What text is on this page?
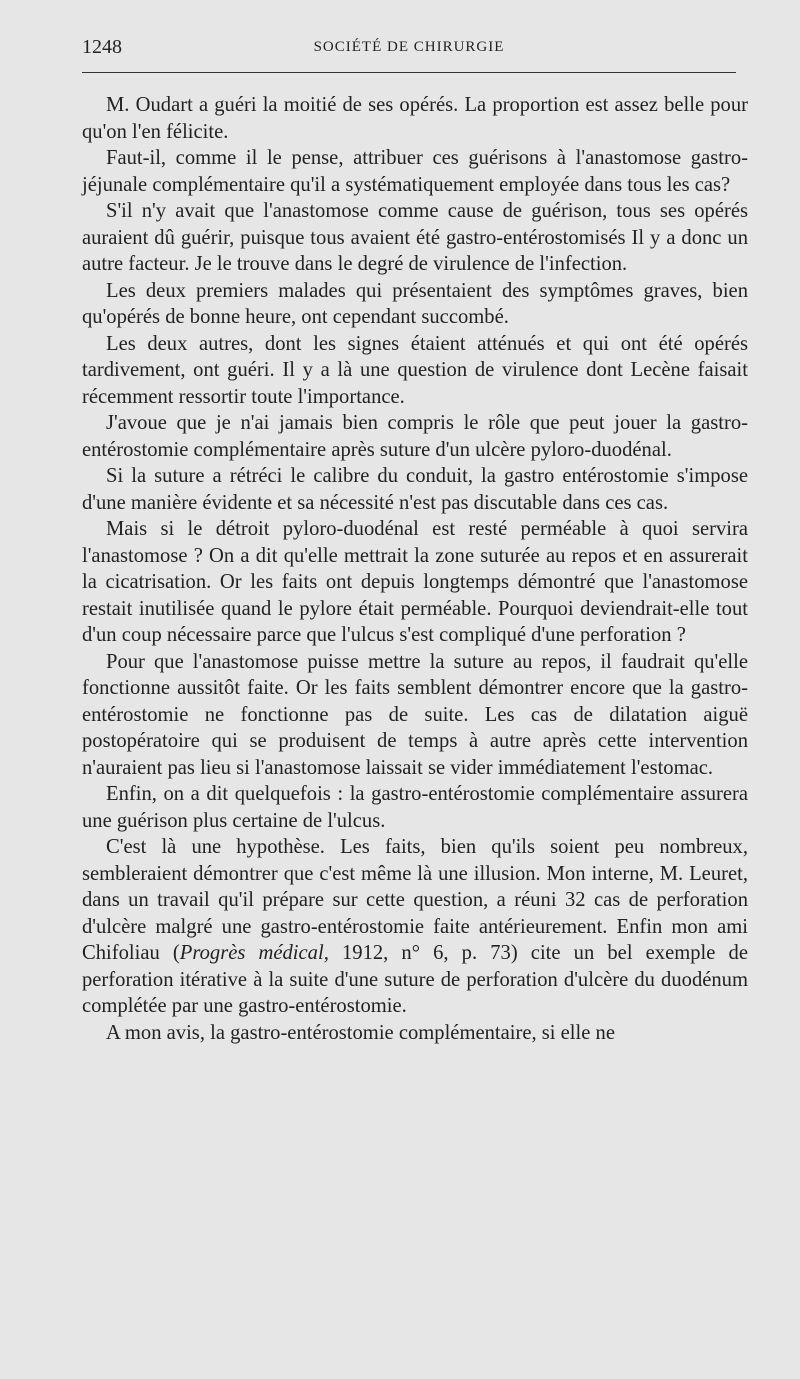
1248	SOCIÉTÉ DE CHIRURGIE

M. Oudart a guéri la moitié de ses opérés. La proportion est assez belle pour qu'on l'en félicite.

Faut-il, comme il le pense, attribuer ces guérisons à l'anastomose gastro-jéjunale complémentaire qu'il a systématiquement employée dans tous les cas?

S'il n'y avait que l'anastomose comme cause de guérison, tous ses opérés auraient dû guérir, puisque tous avaient été gastro-entérostomisés Il y a donc un autre facteur. Je le trouve dans le degré de virulence de l'infection.

Les deux premiers malades qui présentaient des symptômes graves, bien qu'opérés de bonne heure, ont cependant succombé.

Les deux autres, dont les signes étaient atténués et qui ont été opérés tardivement, ont guéri. Il y a là une question de virulence dont Lecène faisait récemment ressortir toute l'importance.

J'avoue que je n'ai jamais bien compris le rôle que peut jouer la gastro-entérostomie complémentaire après suture d'un ulcère pyloro-duodénal.

Si la suture a rétréci le calibre du conduit, la gastro entérostomie s'impose d'une manière évidente et sa nécessité n'est pas discutable dans ces cas.

Mais si le détroit pyloro-duodénal est resté perméable à quoi servira l'anastomose ? On a dit qu'elle mettrait la zone suturée au repos et en assurerait la cicatrisation. Or les faits ont depuis longtemps démontré que l'anastomose restait inutilisée quand le pylore était perméable. Pourquoi deviendrait-elle tout d'un coup nécessaire parce que l'ulcus s'est compliqué d'une perforation ?

Pour que l'anastomose puisse mettre la suture au repos, il faudrait qu'elle fonctionne aussitôt faite. Or les faits semblent démontrer encore que la gastro-entérostomie ne fonctionne pas de suite. Les cas de dilatation aiguë postopératoire qui se produisent de temps à autre après cette intervention n'auraient pas lieu si l'anastomose laissait se vider immédiatement l'estomac.

Enfin, on a dit quelquefois : la gastro-entérostomie complémentaire assurera une guérison plus certaine de l'ulcus.

C'est là une hypothèse. Les faits, bien qu'ils soient peu nombreux, sembleraient démontrer que c'est même là une illusion. Mon interne, M. Leuret, dans un travail qu'il prépare sur cette question, a réuni 32 cas de perforation d'ulcère malgré une gastro-entérostomie faite antérieurement. Enfin mon ami Chifoliau (Progrès médical, 1912, n° 6, p. 73) cite un bel exemple de perforation itérative à la suite d'une suture de perforation d'ulcère du duodénum complétée par une gastro-entérostomie.

A mon avis, la gastro-entérostomie complémentaire, si elle ne
